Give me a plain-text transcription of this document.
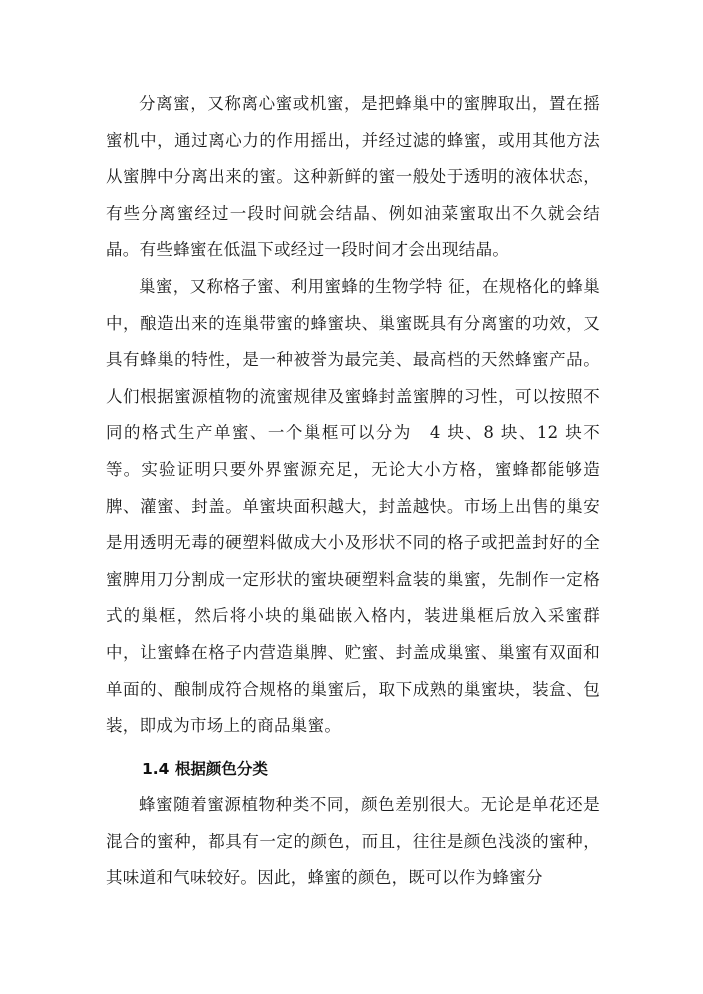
分离蜜，又称离心蜜或机蜜，是把蜂巢中的蜜脾取出，置在摇蜜机中，通过离心力的作用摇出，并经过滤的蜂蜜，或用其他方法从蜜脾中分离出来的蜜。这种新鲜的蜜一般处于透明的液体状态，有些分离蜜经过一段时间就会结晶、例如油菜蜜取出不久就会结晶。有些蜂蜜在低温下或经过一段时间才会出现结晶。

巢蜜，又称格子蜜、利用蜜蜂的生物学特 征，在规格化的蜂巢中，酿造出来的连巢带蜜的蜂蜜块、巢蜜既具有分离蜜的功效，又具有蜂巢的特性，是一种被誉为最完美、最高档的天然蜂蜜产品。人们根据蜜源植物的流蜜规律及蜜蜂封盖蜜脾的习性，可以按照不同的格式生产单蜜、一个巢框可以分为　4 块、8 块、12 块不等。实验证明只要外界蜜源充足，无论大小方格，蜜蜂都能够造脾、灌蜜、封盖。单蜜块面积越大，封盖越快。市场上出售的巢安是用透明无毒的硬塑料做成大小及形状不同的格子或把盖封好的全蜜脾用刀分割成一定形状的蜜块硬塑料盒装的巢蜜，先制作一定格式的巢框，然后将小块的巢础嵌入格内，装进巢框后放入采蜜群中，让蜜蜂在格子内营造巢脾、贮蜜、封盖成巢蜜、巢蜜有双面和单面的、酿制成符合规格的巢蜜后，取下成熟的巢蜜块，装盒、包装，即成为市场上的商品巢蜜。

1.4 根据颜色分类

蜂蜜随着蜜源植物种类不同，颜色差别很大。无论是单花还是混合的蜜种，都具有一定的颜色，而且，往往是颜色浅淡的蜜种，其味道和气味较好。因此，蜂蜜的颜色，既可以作为蜂蜜分
